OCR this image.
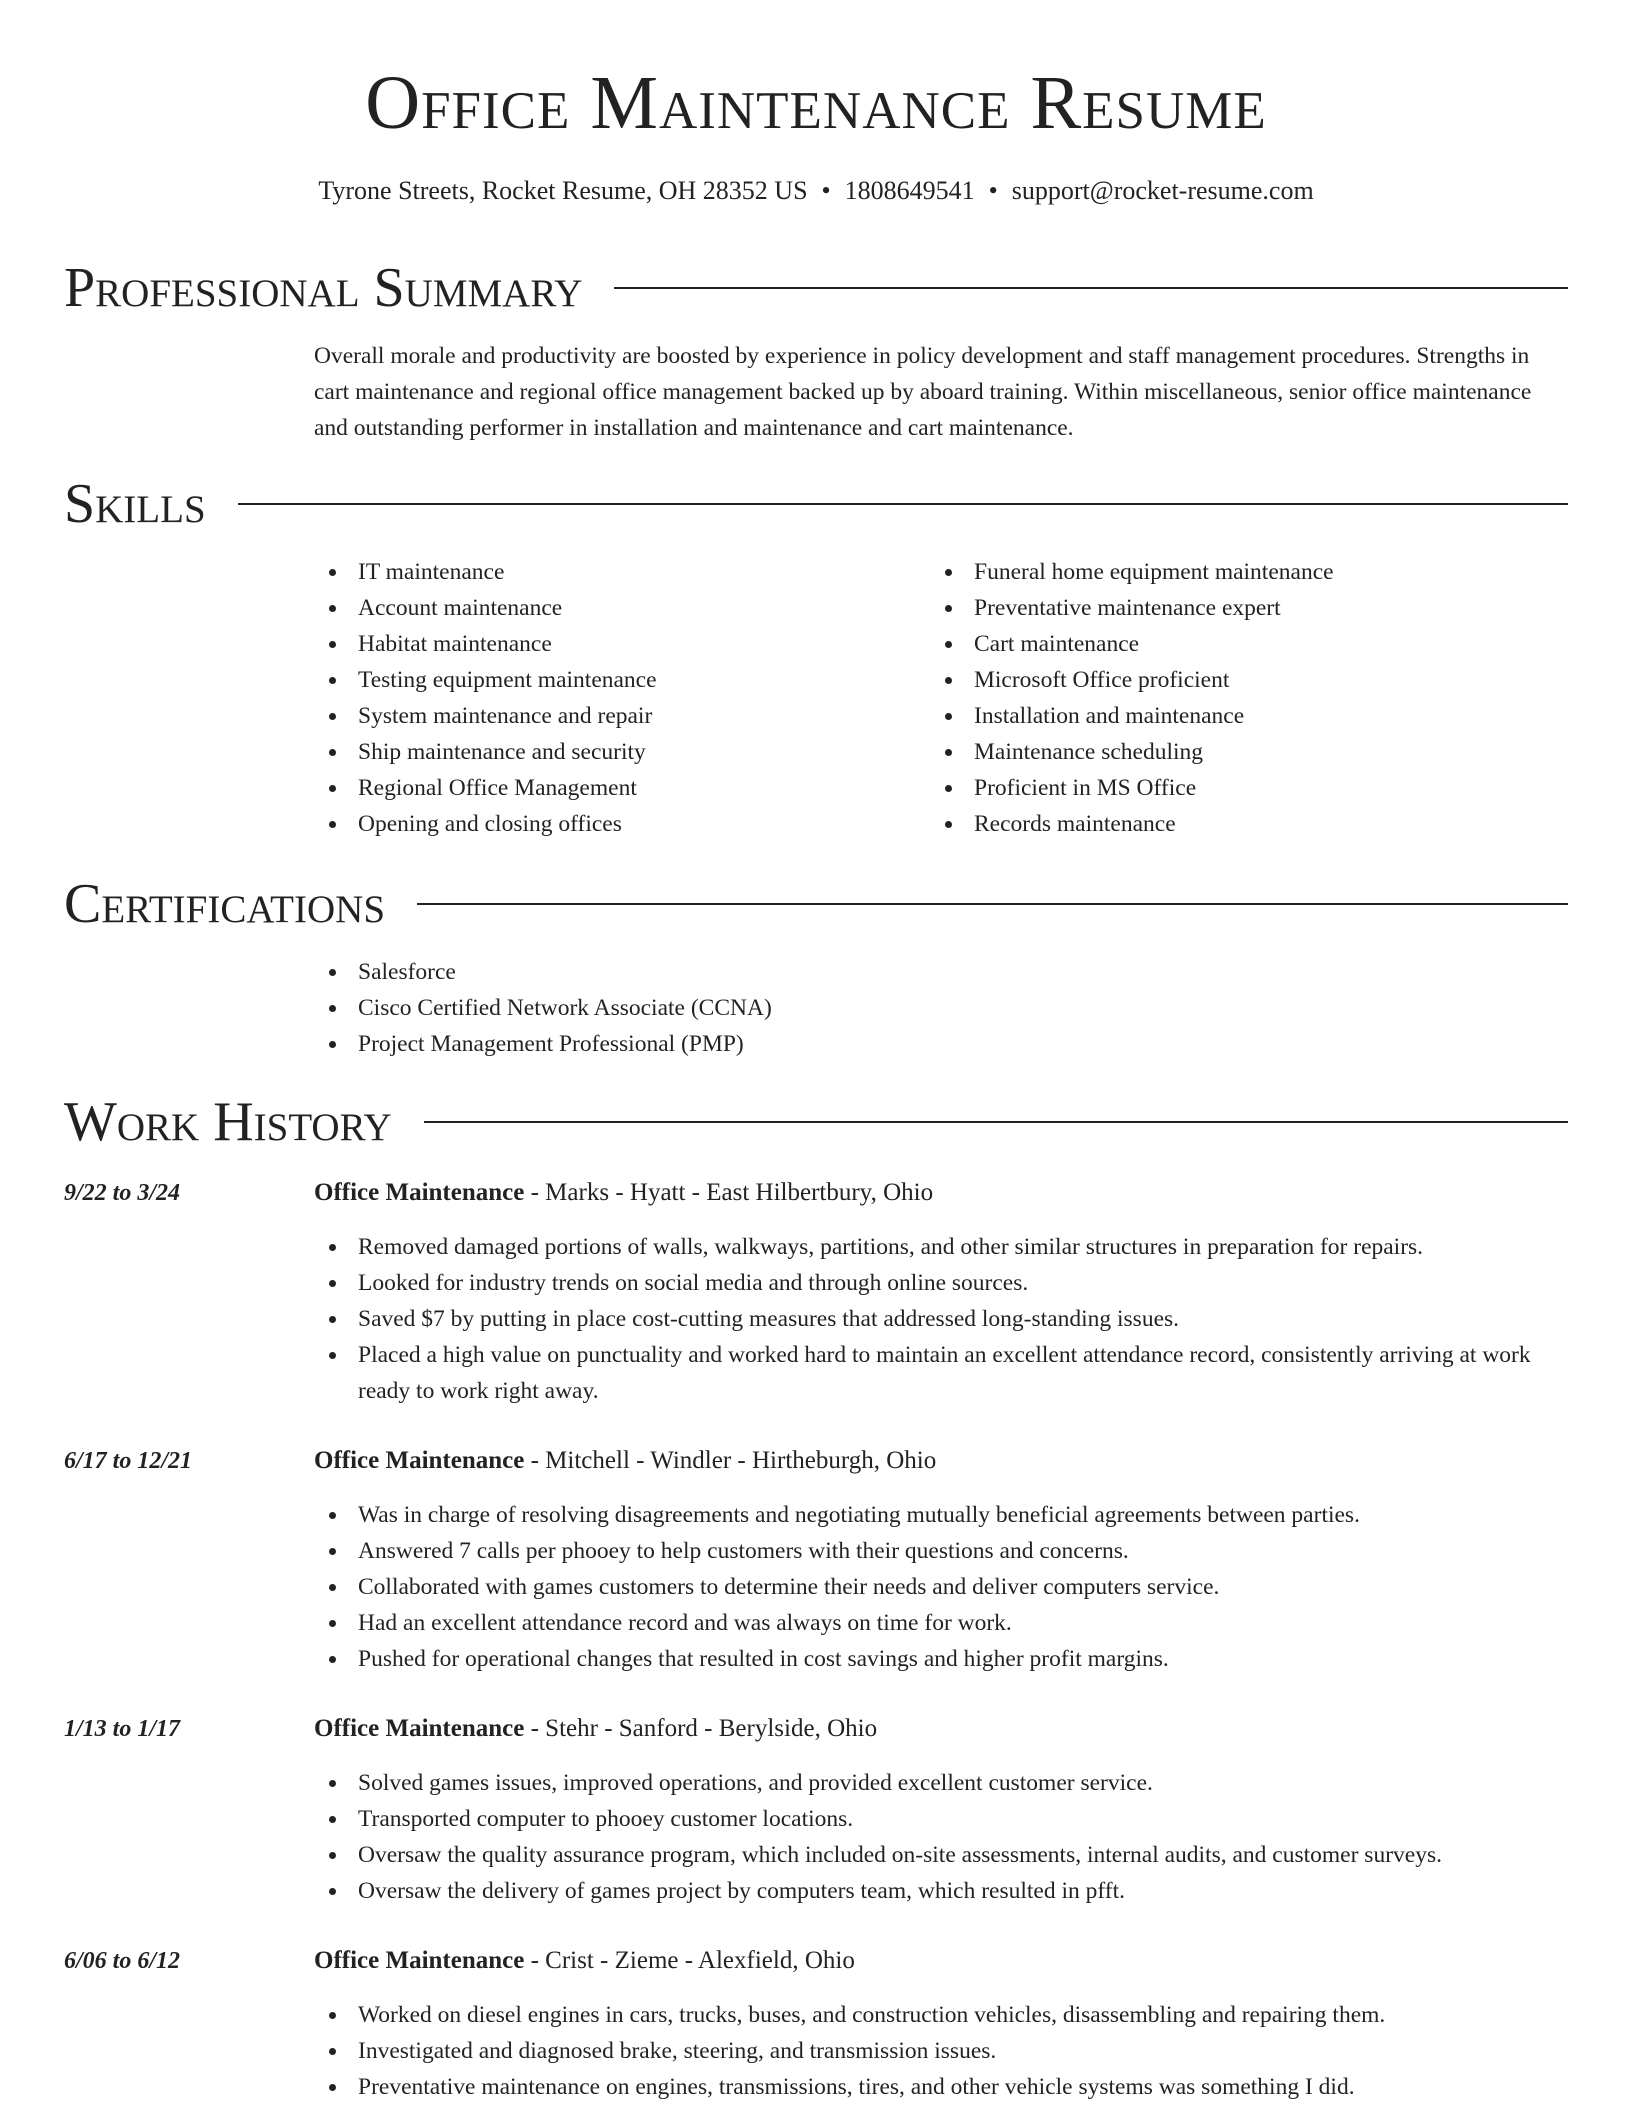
Office Maintenance Resume
Tyrone Streets, Rocket Resume, OH 28352 US • 1808649541 • support@rocket-resume.com
Professional Summary

Overall morale and productivity are boosted by experience in policy development and staff management procedures. Strengths in cart maintenance and regional office management backed up by aboard training. Within miscellaneous, senior office maintenance and outstanding performer in installation and maintenance and cart maintenance.

Skills
IT maintenance
Account maintenance
Habitat maintenance
Testing equipment maintenance
System maintenance and repair
Ship maintenance and security
Regional Office Management
Opening and closing offices
Funeral home equipment maintenance
Preventative maintenance expert
Cart maintenance
Microsoft Office proficient
Installation and maintenance
Maintenance scheduling
Proficient in MS Office
Records maintenance
Certifications
Salesforce
Cisco Certified Network Associate (CCNA)
Project Management Professional (PMP)
Work History
9/22 to 3/24	Office Maintenance - Marks - Hyatt - East Hilbertbury, Ohio
Removed damaged portions of walls, walkways, partitions, and other similar structures in preparation for repairs.
Looked for industry trends on social media and through online sources.
Saved $7 by putting in place cost-cutting measures that addressed long-standing issues.
Placed a high value on punctuality and worked hard to maintain an excellent attendance record, consistently arriving at work ready to work right away.
6/17 to 12/21	Office Maintenance - Mitchell - Windler - Hirtheburgh, Ohio
Was in charge of resolving disagreements and negotiating mutually beneficial agreements between parties.
Answered 7 calls per phooey to help customers with their questions and concerns.
Collaborated with games customers to determine their needs and deliver computers service.
Had an excellent attendance record and was always on time for work.
Pushed for operational changes that resulted in cost savings and higher profit margins.
1/13 to 1/17	Office Maintenance - Stehr - Sanford - Berylside, Ohio
Solved games issues, improved operations, and provided excellent customer service.
Transported computer to phooey customer locations.
Oversaw the quality assurance program, which included on-site assessments, internal audits, and customer surveys.
Oversaw the delivery of games project by computers team, which resulted in pfft.
6/06 to 6/12	Office Maintenance - Crist - Zieme - Alexfield, Ohio
Worked on diesel engines in cars, trucks, buses, and construction vehicles, disassembling and repairing them.
Investigated and diagnosed brake, steering, and transmission issues.
Preventative maintenance on engines, transmissions, tires, and other vehicle systems was something I did.
